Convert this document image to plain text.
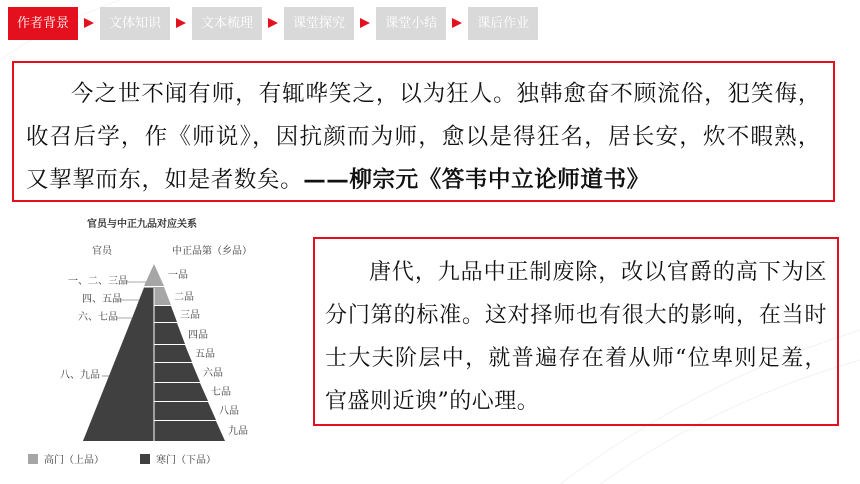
作者背景	文体知识	文本梳理	课堂探究	课堂小结	课后作业
今之世不闻有师，有辄哗笑之，以为狂人。独韩愈奋不顾流俗，犯笑侮，收召后学，作《师说》，因抗颜而为师，愈以是得狂名，居长安，炊不暇熟，又挈挈而东，如是者数矣。——柳宗元《答韦中立论师道书》
官员与中正九品对应关系
官员	中正品第（乡品）
一、二、三品
四、五品
六、七品
八、九品
一品
二品
三品
四品
五品
六品
七品
八品
九品
高门（上品）	寒门（下品）
唐代，九品中正制废除，改以官爵的高下为区分门第的标准。这对择师也有很大的影响，在当时士大夫阶层中，就普遍存在着从师“位卑则足羞，官盛则近谀”的心理。
